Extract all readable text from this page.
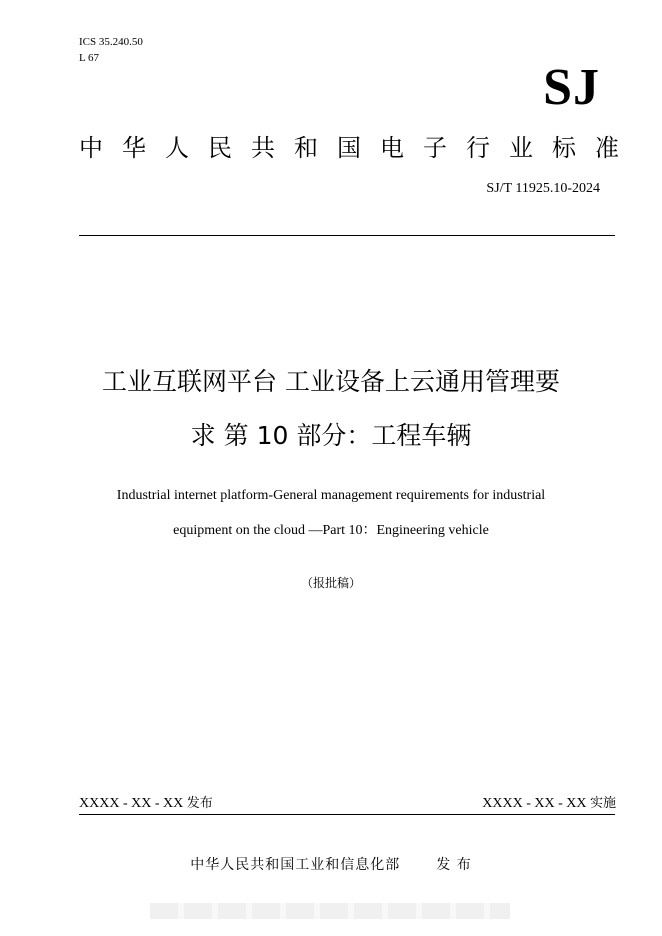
ICS 35.240.50
L 67
SJ
中 华 人 民 共 和 国 电 子 行 业 标 准
SJ/T 11925.10-2024
工业互联网平台 工业设备上云通用管理要
求 第 10 部分：工程车辆
Industrial internet platform-General management requirements for industrial
equipment on the cloud —Part 10：Engineering vehicle
（报批稿）
XXXX - XX - XX 发布	XXXX - XX - XX 实施
中华人民共和国工业和信息化部	发 布
